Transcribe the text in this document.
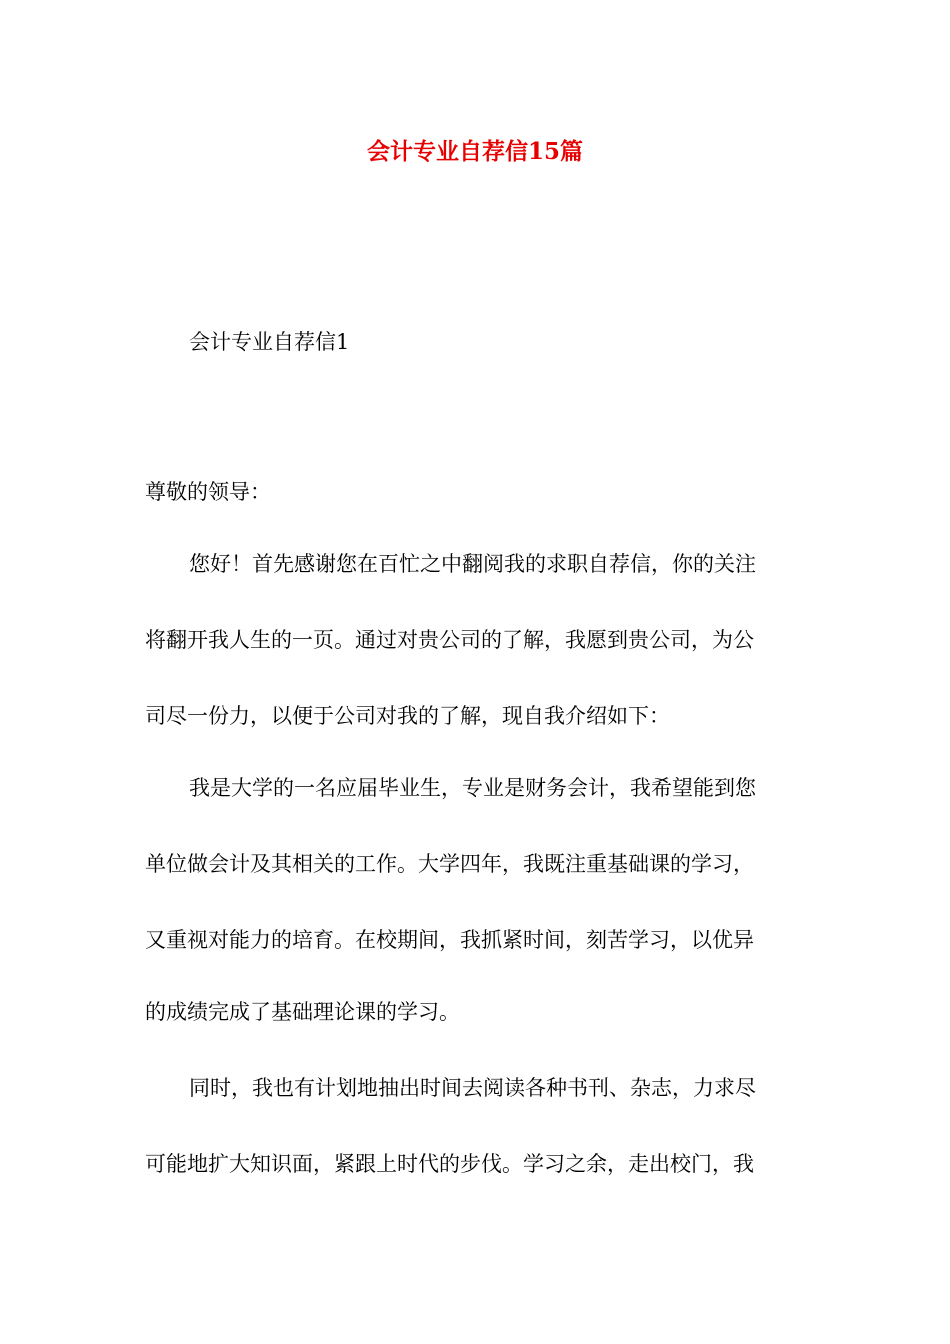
会计专业自荐信15篇

会计专业自荐信1

尊敬的领导：

您好！首先感谢您在百忙之中翻阅我的求职自荐信，你的关注

将翻开我人生的一页。通过对贵公司的了解，我愿到贵公司，为公

司尽一份力，以便于公司对我的了解，现自我介绍如下：

我是大学的一名应届毕业生，专业是财务会计，我希望能到您

单位做会计及其相关的工作。大学四年，我既注重基础课的学习，

又重视对能力的培育。在校期间，我抓紧时间，刻苦学习，以优异

的成绩完成了基础理论课的学习。

同时，我也有计划地抽出时间去阅读各种书刊、杂志，力求尽

可能地扩大知识面，紧跟上时代的步伐。学习之余，走出校门，我
